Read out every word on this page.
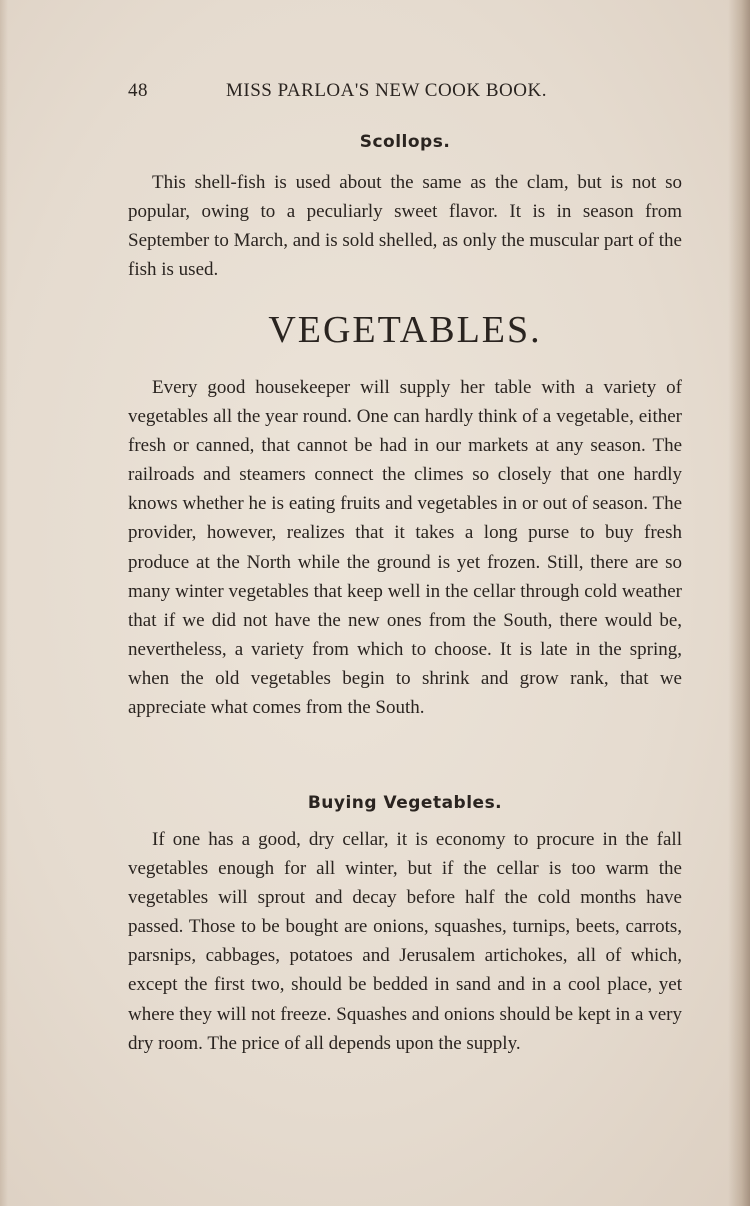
48	MISS PARLOA'S NEW COOK BOOK.
Scollops.

This shell-fish is used about the same as the clam, but is not so popular, owing to a peculiarly sweet flavor. It is in season from September to March, and is sold shelled, as only the muscular part of the fish is used.

VEGETABLES.

Every good housekeeper will supply her table with a variety of vegetables all the year round. One can hardly think of a vegetable, either fresh or canned, that cannot be had in our markets at any season. The railroads and steamers connect the climes so closely that one hardly knows whether he is eating fruits and vegetables in or out of season. The provider, however, realizes that it takes a long purse to buy fresh produce at the North while the ground is yet frozen. Still, there are so many winter vegetables that keep well in the cellar through cold weather that if we did not have the new ones from the South, there would be, nevertheless, a variety from which to choose. It is late in the spring, when the old vegetables begin to shrink and grow rank, that we appreciate what comes from the South.

Buying Vegetables.

If one has a good, dry cellar, it is economy to procure in the fall vegetables enough for all winter, but if the cellar is too warm the vegetables will sprout and decay before half the cold months have passed. Those to be bought are onions, squashes, turnips, beets, carrots, parsnips, cabbages, potatoes and Jerusalem artichokes, all of which, except the first two, should be bedded in sand and in a cool place, yet where they will not freeze. Squashes and onions should be kept in a very dry room. The price of all depends upon the supply.
